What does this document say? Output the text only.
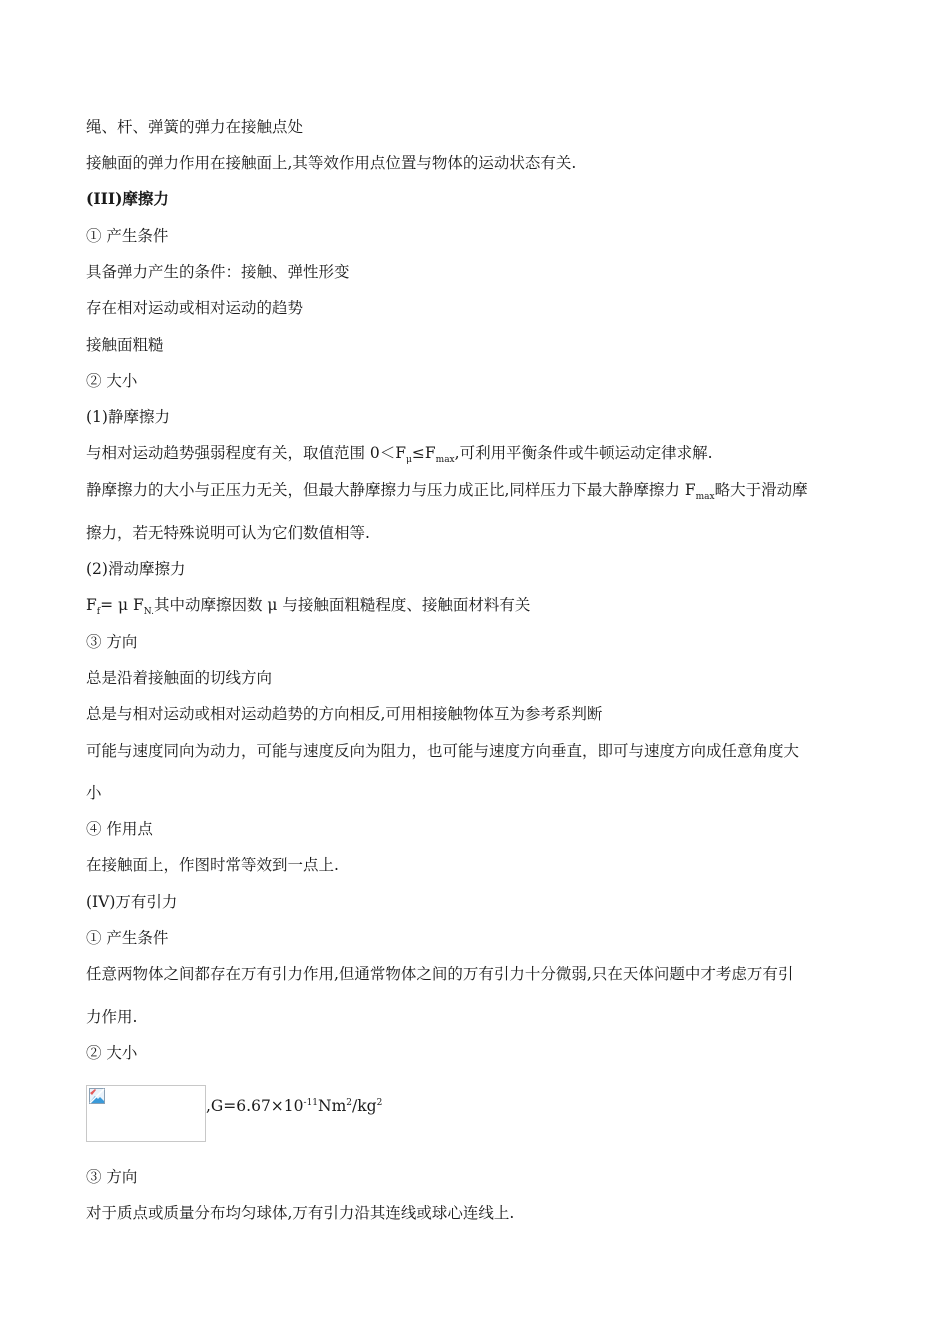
绳、杆、弹簧的弹力在接触点处

接触面的弹力作用在接触面上,其等效作用点位置与物体的运动状态有关.

(III)摩擦力

① 产生条件

具备弹力产生的条件：接触、弹性形变

存在相对运动或相对运动的趋势

接触面粗糙

② 大小

(1)静摩擦力

与相对运动趋势强弱程度有关，取值范围 $0<F_\mu\le F_{max}$,可利用平衡条件或牛顿运动定律求解.

静摩擦力的大小与正压力无关，但最大静摩擦力与压力成正比,同样压力下最大静摩擦力 $F_{max}$略大于滑动摩

擦力，若无特殊说明可认为它们数值相等.

(2)滑动摩擦力

$F_f= \mu$ $F_{N.}$其中动摩擦因数 μ 与接触面粗糙程度、接触面材料有关

③ 方向

总是沿着接触面的切线方向

总是与相对运动或相对运动趋势的方向相反,可用相接触物体互为参考系判断

可能与速度同向为动力，可能与速度反向为阻力，也可能与速度方向垂直，即可与速度方向成任意角度大

小

④ 作用点

在接触面上，作图时常等效到一点上.

(IV)万有引力

① 产生条件

任意两物体之间都存在万有引力作用,但通常物体之间的万有引力十分微弱,只在天体问题中才考虑万有引

力作用.

② 大小

$,G=6.67\times 10^{-11}Nm^2/kg^2$

③ 方向

对于质点或质量分布均匀球体,万有引力沿其连线或球心连线上.
